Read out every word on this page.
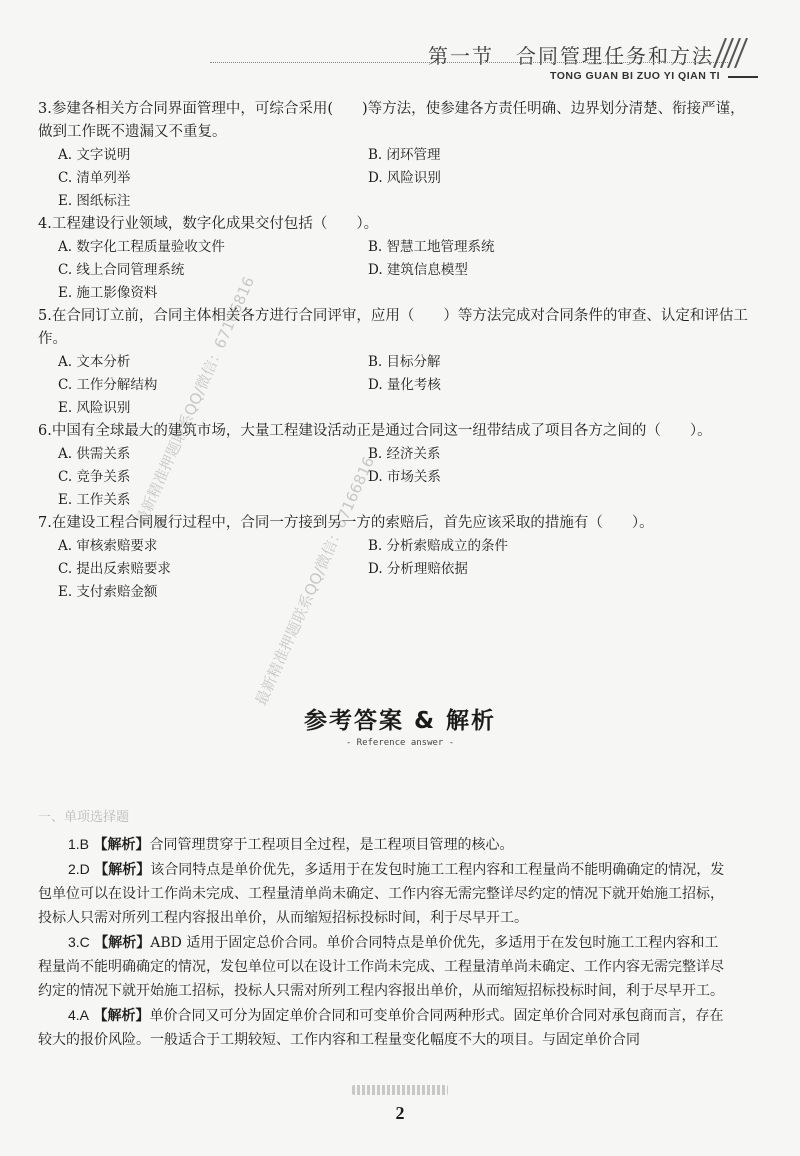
第一节　合同管理任务和方法
TONG GUAN BI ZUO YI QIAN TI

3.参建各相关方合同界面管理中，可综合采用(　　)等方法，使参建各方责任明确、边界划分清楚、衔接严谨，做到工作既不遗漏又不重复。

A. 文字说明	B. 闭环管理
C. 清单列举	D. 风险识别
E. 图纸标注

4.工程建设行业领域，数字化成果交付包括（　　）。

A. 数字化工程质量验收文件	B. 智慧工地管理系统
C. 线上合同管理系统	D. 建筑信息模型
E. 施工影像资料

5.在合同订立前，合同主体相关各方进行合同评审，应用（　　）等方法完成对合同条件的审查、认定和评估工作。

A. 文本分析	B. 目标分解
C. 工作分解结构	D. 量化考核
E. 风险识别

6.中国有全球最大的建筑市场，大量工程建设活动正是通过合同这一纽带结成了项目各方之间的（　　）。

A. 供需关系	B. 经济关系
C. 竞争关系	D. 市场关系
E. 工作关系

7.在建设工程合同履行过程中，合同一方接到另一方的索赔后，首先应该采取的措施有（　　）。

A. 审核索赔要求	B. 分析索赔成立的条件
C. 提出反索赔要求	D. 分析理赔依据
E. 支付索赔金额
参考答案 & 解析
- Reference answer -
一、单项选择题

1.B 【解析】合同管理贯穿于工程项目全过程，是工程项目管理的核心。

2.D 【解析】该合同特点是单价优先，多适用于在发包时施工工程内容和工程量尚不能明确确定的情况，发包单位可以在设计工作尚未完成、工程量清单尚未确定、工作内容无需完整详尽约定的情况下就开始施工招标，投标人只需对所列工程内容报出单价，从而缩短招标投标时间，利于尽早开工。

3.C 【解析】ABD 适用于固定总价合同。单价合同特点是单价优先，多适用于在发包时施工工程内容和工程量尚不能明确确定的情况，发包单位可以在设计工作尚未完成、工程量清单尚未确定、工作内容无需完整详尽约定的情况下就开始施工招标，投标人只需对所列工程内容报出单价，从而缩短招标投标时间，利于尽早开工。

4.A 【解析】单价合同又可分为固定单价合同和可变单价合同两种形式。固定单价合同对承包商而言，存在较大的报价风险。一般适合于工期较短、工作内容和工程量变化幅度不大的项目。与固定单价合同

最新精准押题联系QQ/微信：67166816
最新精准押题联系QQ/微信：67166816
2
